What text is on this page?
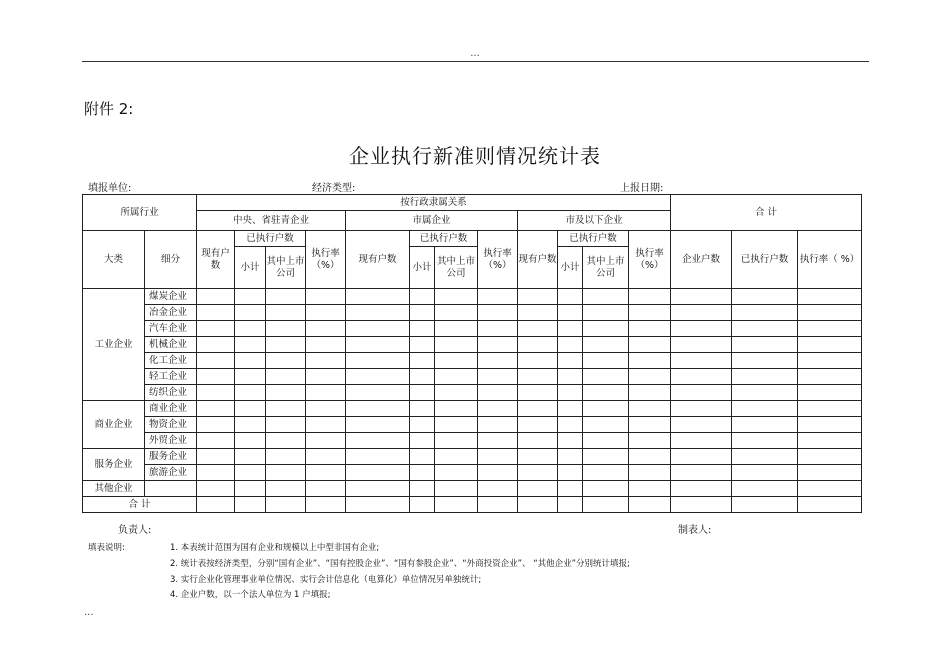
...
附件 2:
企业执行新准则情况统计表
填报单位:	经济类型:	上报日期:
所属行业		按行政隶属关系												合 计		
		中央、省驻青企业				市属企业				市及以下企业						
大类	细分	现有户数	已执行户数		执行率（%）	现有户数	已执行户数		执行率（%）	现有户数	已执行户数		执行率（%）	企业户数	已执行户数	执行率（ %）
			小计	其中上市公司			小计	其中上市公司			小计	其中上市公司				
工业企业	煤炭企业															
	冶金企业															
	汽车企业															
	机械企业															
	化工企业															
	轻工企业															
	纺织企业															
商业企业	商业企业															
	物资企业															
	外贸企业															
服务企业	服务企业															
	旅游企业															
其他企业																
合 计																
负责人:	制表人:
填表说明:	1. 本表统计范围为国有企业和规模以上中型非国有企业;
2. 统计表按经济类型，分别“国有企业”、“国有控股企业”、“国有参股企业”、“外商投资企业”、 “其他企业”分别统计填报;
3. 实行企业化管理事业单位情况、实行会计信息化（电算化）单位情况另单独统计;
4. 企业户数，以一个法人单位为 1 户填报;
...
